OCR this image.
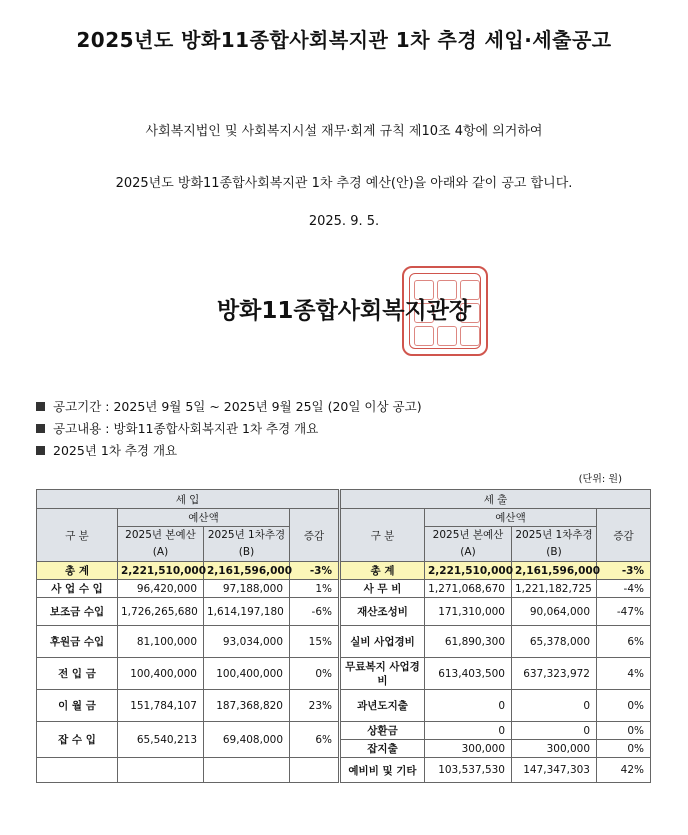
2025년도 방화11종합사회복지관 1차 추경 세입·세출공고
사회복지법인 및 사회복지시설 재무·회계 규칙 제10조 4항에 의거하여
2025년도 방화11종합사회복지관 1차 추경 예산(안)을 아래와 같이 공고 합니다.
2025. 9. 5.
방화11종합사회복지관장
공고기간 : 2025년 9월 5일 ~ 2025년 9월 25일 (20일 이상 공고)
공고내용 : 방화11종합사회복지관 1차 추경 개요
2025년 1차 추경 개요
(단위: 원)
세 입				세 출			
구 분	예산액		증감	구 분	예산액		증감
	2025년 본예산(A)	2025년 1차추경(B)			2025년 본예산(A)	2025년 1차추경(B)	

총 계	2,221,510,000	2,161,596,000	-3%	총 계	2,221,510,000	2,161,596,000	-3%
사 업 수 입	96,420,000	97,188,000	1%	사 무 비	1,271,068,670	1,221,182,725	-4%
보조금 수입	1,726,265,680	1,614,197,180	-6%	재산조성비	171,310,000	90,064,000	-47%
후원금 수입	81,100,000	93,034,000	15%	실비 사업경비	61,890,300	65,378,000	6%
전 입 금	100,400,000	100,400,000	0%	무료복지 사업경비	613,403,500	637,323,972	4%
이 월 금	151,784,107	187,368,820	23%	과년도지출	0	0	0%
잡 수 입	65,540,213	69,408,000	6%	상환금	0	0	0%
				잡지출	300,000	300,000	0%
				예비비 및 기타	103,537,530	147,347,303	42%
